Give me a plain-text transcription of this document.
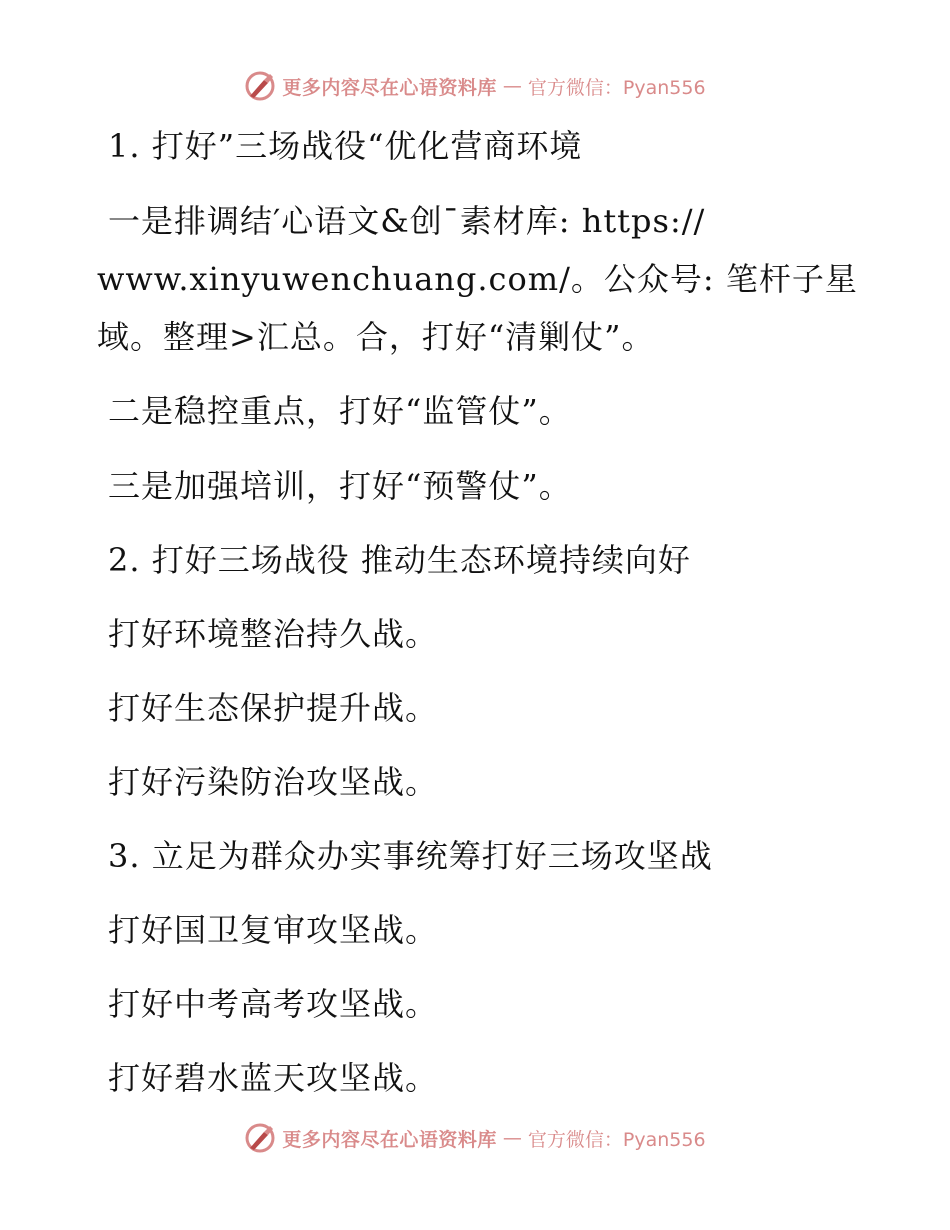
更多内容尽在心语资料库 — 官方微信：Pyan556
1. 打好”三场战役“优化营商环境
一是排调结′心语文&创¯素材库: https://
www.xinyuwenchuang.com/。公众号: 笔杆子星
域。整理>汇总。合，打好“清剿仗”。
二是稳控重点，打好“监管仗”。
三是加强培训，打好“预警仗”。
2. 打好三场战役 推动生态环境持续向好
打好环境整治持久战。
打好生态保护提升战。
打好污染防治攻坚战。
3. 立足为群众办实事统筹打好三场攻坚战
打好国卫复审攻坚战。
打好中考高考攻坚战。
打好碧水蓝天攻坚战。
更多内容尽在心语资料库 — 官方微信：Pyan556
